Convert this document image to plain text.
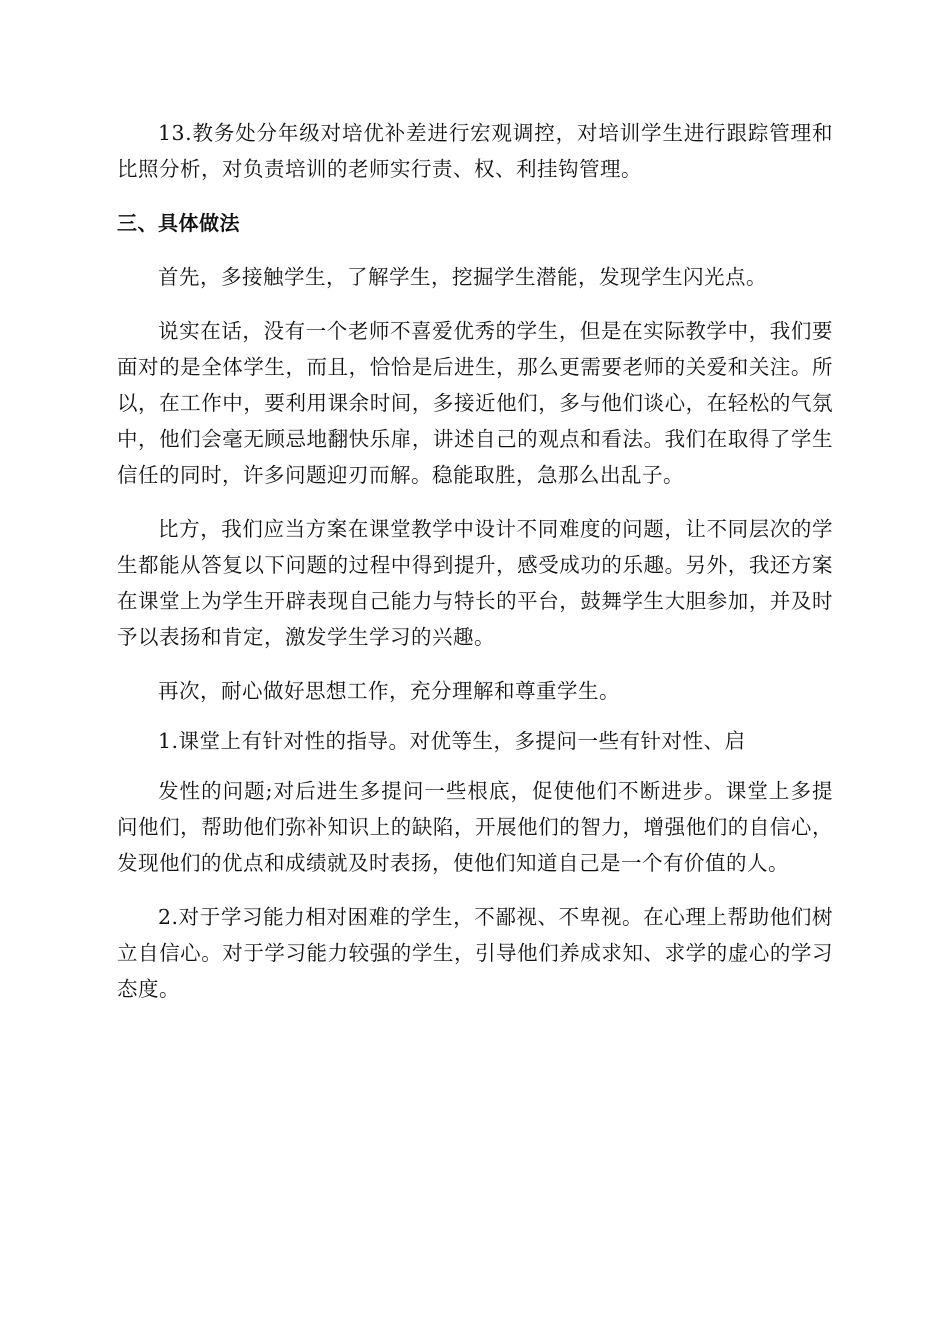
13.教务处分年级对培优补差进行宏观调控，对培训学生进行跟踪管理和比照分析，对负责培训的老师实行责、权、利挂钩管理。

三、具体做法

首先，多接触学生，了解学生，挖掘学生潜能，发现学生闪光点。

说实在话，没有一个老师不喜爱优秀的学生，但是在实际教学中，我们要面对的是全体学生，而且，恰恰是后进生，那么更需要老师的关爱和关注。所以，在工作中，要利用课余时间，多接近他们，多与他们谈心，在轻松的气氛中，他们会毫无顾忌地翻快乐扉，讲述自己的观点和看法。我们在取得了学生信任的同时，许多问题迎刃而解。稳能取胜，急那么出乱子。

比方，我们应当方案在课堂教学中设计不同难度的问题，让不同层次的学生都能从答复以下问题的过程中得到提升，感受成功的乐趣。另外，我还方案在课堂上为学生开辟表现自己能力与特长的平台，鼓舞学生大胆参加，并及时予以表扬和肯定，激发学生学习的兴趣。

再次，耐心做好思想工作，充分理解和尊重学生。

1.课堂上有针对性的指导。对优等生，多提问一些有针对性、启

发性的问题;对后进生多提问一些根底，促使他们不断进步。课堂上多提问他们，帮助他们弥补知识上的缺陷，开展他们的智力，增强他们的自信心，发现他们的优点和成绩就及时表扬，使他们知道自己是一个有价值的人。

2.对于学习能力相对困难的学生，不鄙视、不卑视。在心理上帮助他们树立自信心。对于学习能力较强的学生，引导他们养成求知、求学的虚心的学习态度。
